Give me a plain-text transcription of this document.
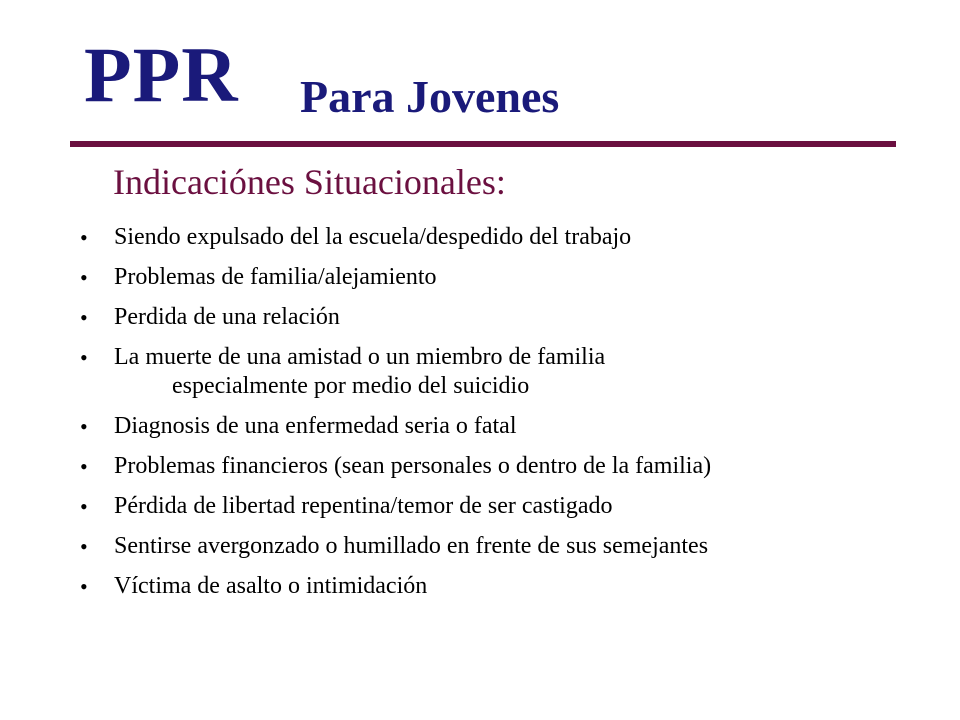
PPR Para Jovenes
Indicaciónes Situacionales:
• Siendo expulsado del la escuela/despedido del trabajo
• Problemas de familia/alejamiento
• Perdida de una relación
• La muerte de una amistad o un miembro de familia
especialmente por medio del suicidio
• Diagnosis de una enfermedad seria o fatal
• Problemas financieros (sean personales o dentro de la familia)
• Pérdida de libertad repentina/temor de ser castigado
• Sentirse avergonzado o humillado en frente de sus semejantes
• Víctima de asalto o intimidación
